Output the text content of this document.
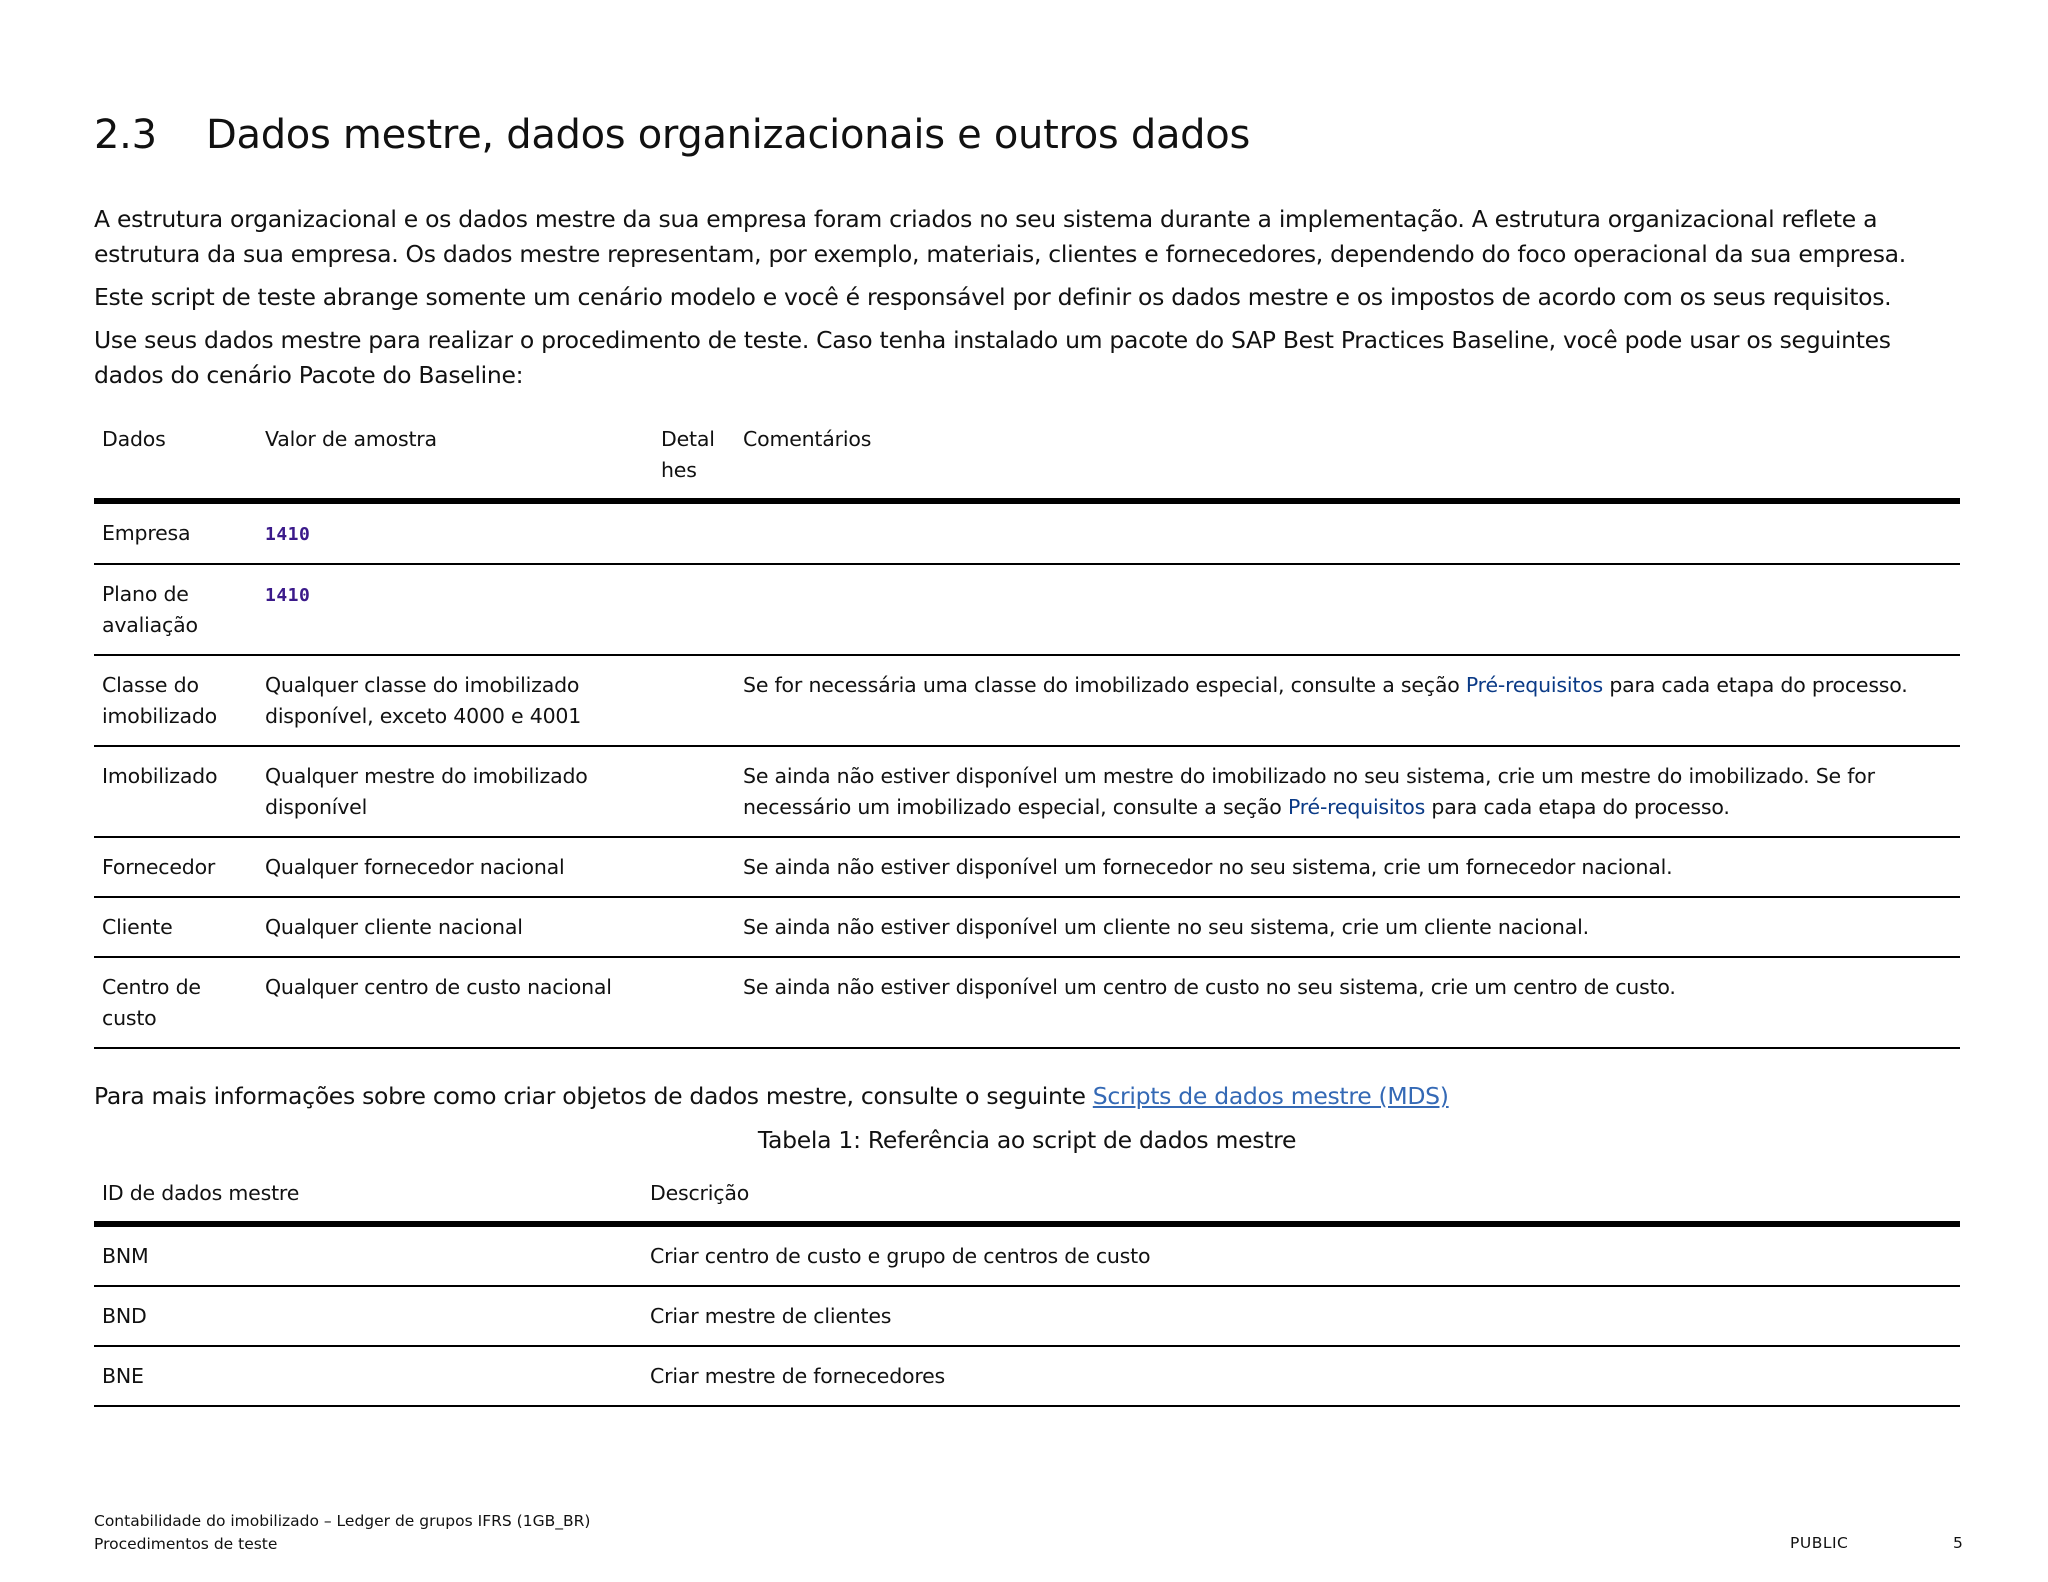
2.3 Dados mestre, dados organizacionais e outros dados

A estrutura organizacional e os dados mestre da sua empresa foram criados no seu sistema durante a implementação. A estrutura organizacional reflete a estrutura da sua empresa. Os dados mestre representam, por exemplo, materiais, clientes e fornecedores, dependendo do foco operacional da sua empresa.

Este script de teste abrange somente um cenário modelo e você é responsável por definir os dados mestre e os impostos de acordo com os seus requisitos.

Use seus dados mestre para realizar o procedimento de teste. Caso tenha instalado um pacote do SAP Best Practices Baseline, você pode usar os seguintes dados do cenário Pacote do Baseline:

Dados	Valor de amostra	Detalhes	Comentários
Empresa	1410		
Plano de avaliação	1410		
Classe do imobilizado	Qualquer classe do imobilizado disponível, exceto 4000 e 4001		Se for necessária uma classe do imobilizado especial, consulte a seção Pré-requisitos para cada etapa do processo.
Imobilizado	Qualquer mestre do imobilizado disponível		Se ainda não estiver disponível um mestre do imobilizado no seu sistema, crie um mestre do imobilizado. Se for necessário um imobilizado especial, consulte a seção Pré-requisitos para cada etapa do processo.
Fornecedor	Qualquer fornecedor nacional		Se ainda não estiver disponível um fornecedor no seu sistema, crie um fornecedor nacional.
Cliente	Qualquer cliente nacional		Se ainda não estiver disponível um cliente no seu sistema, crie um cliente nacional.
Centro de custo	Qualquer centro de custo nacional		Se ainda não estiver disponível um centro de custo no seu sistema, crie um centro de custo.
Para mais informações sobre como criar objetos de dados mestre, consulte o seguinte Scripts de dados mestre (MDS)
Tabela 1: Referência ao script de dados mestre
ID de dados mestre	Descrição
BNM	Criar centro de custo e grupo de centros de custo
BND	Criar mestre de clientes
BNE	Criar mestre de fornecedores
Contabilidade do imobilizado – Ledger de grupos IFRS (1GB_BR)
Procedimentos de teste	PUBLIC	5
